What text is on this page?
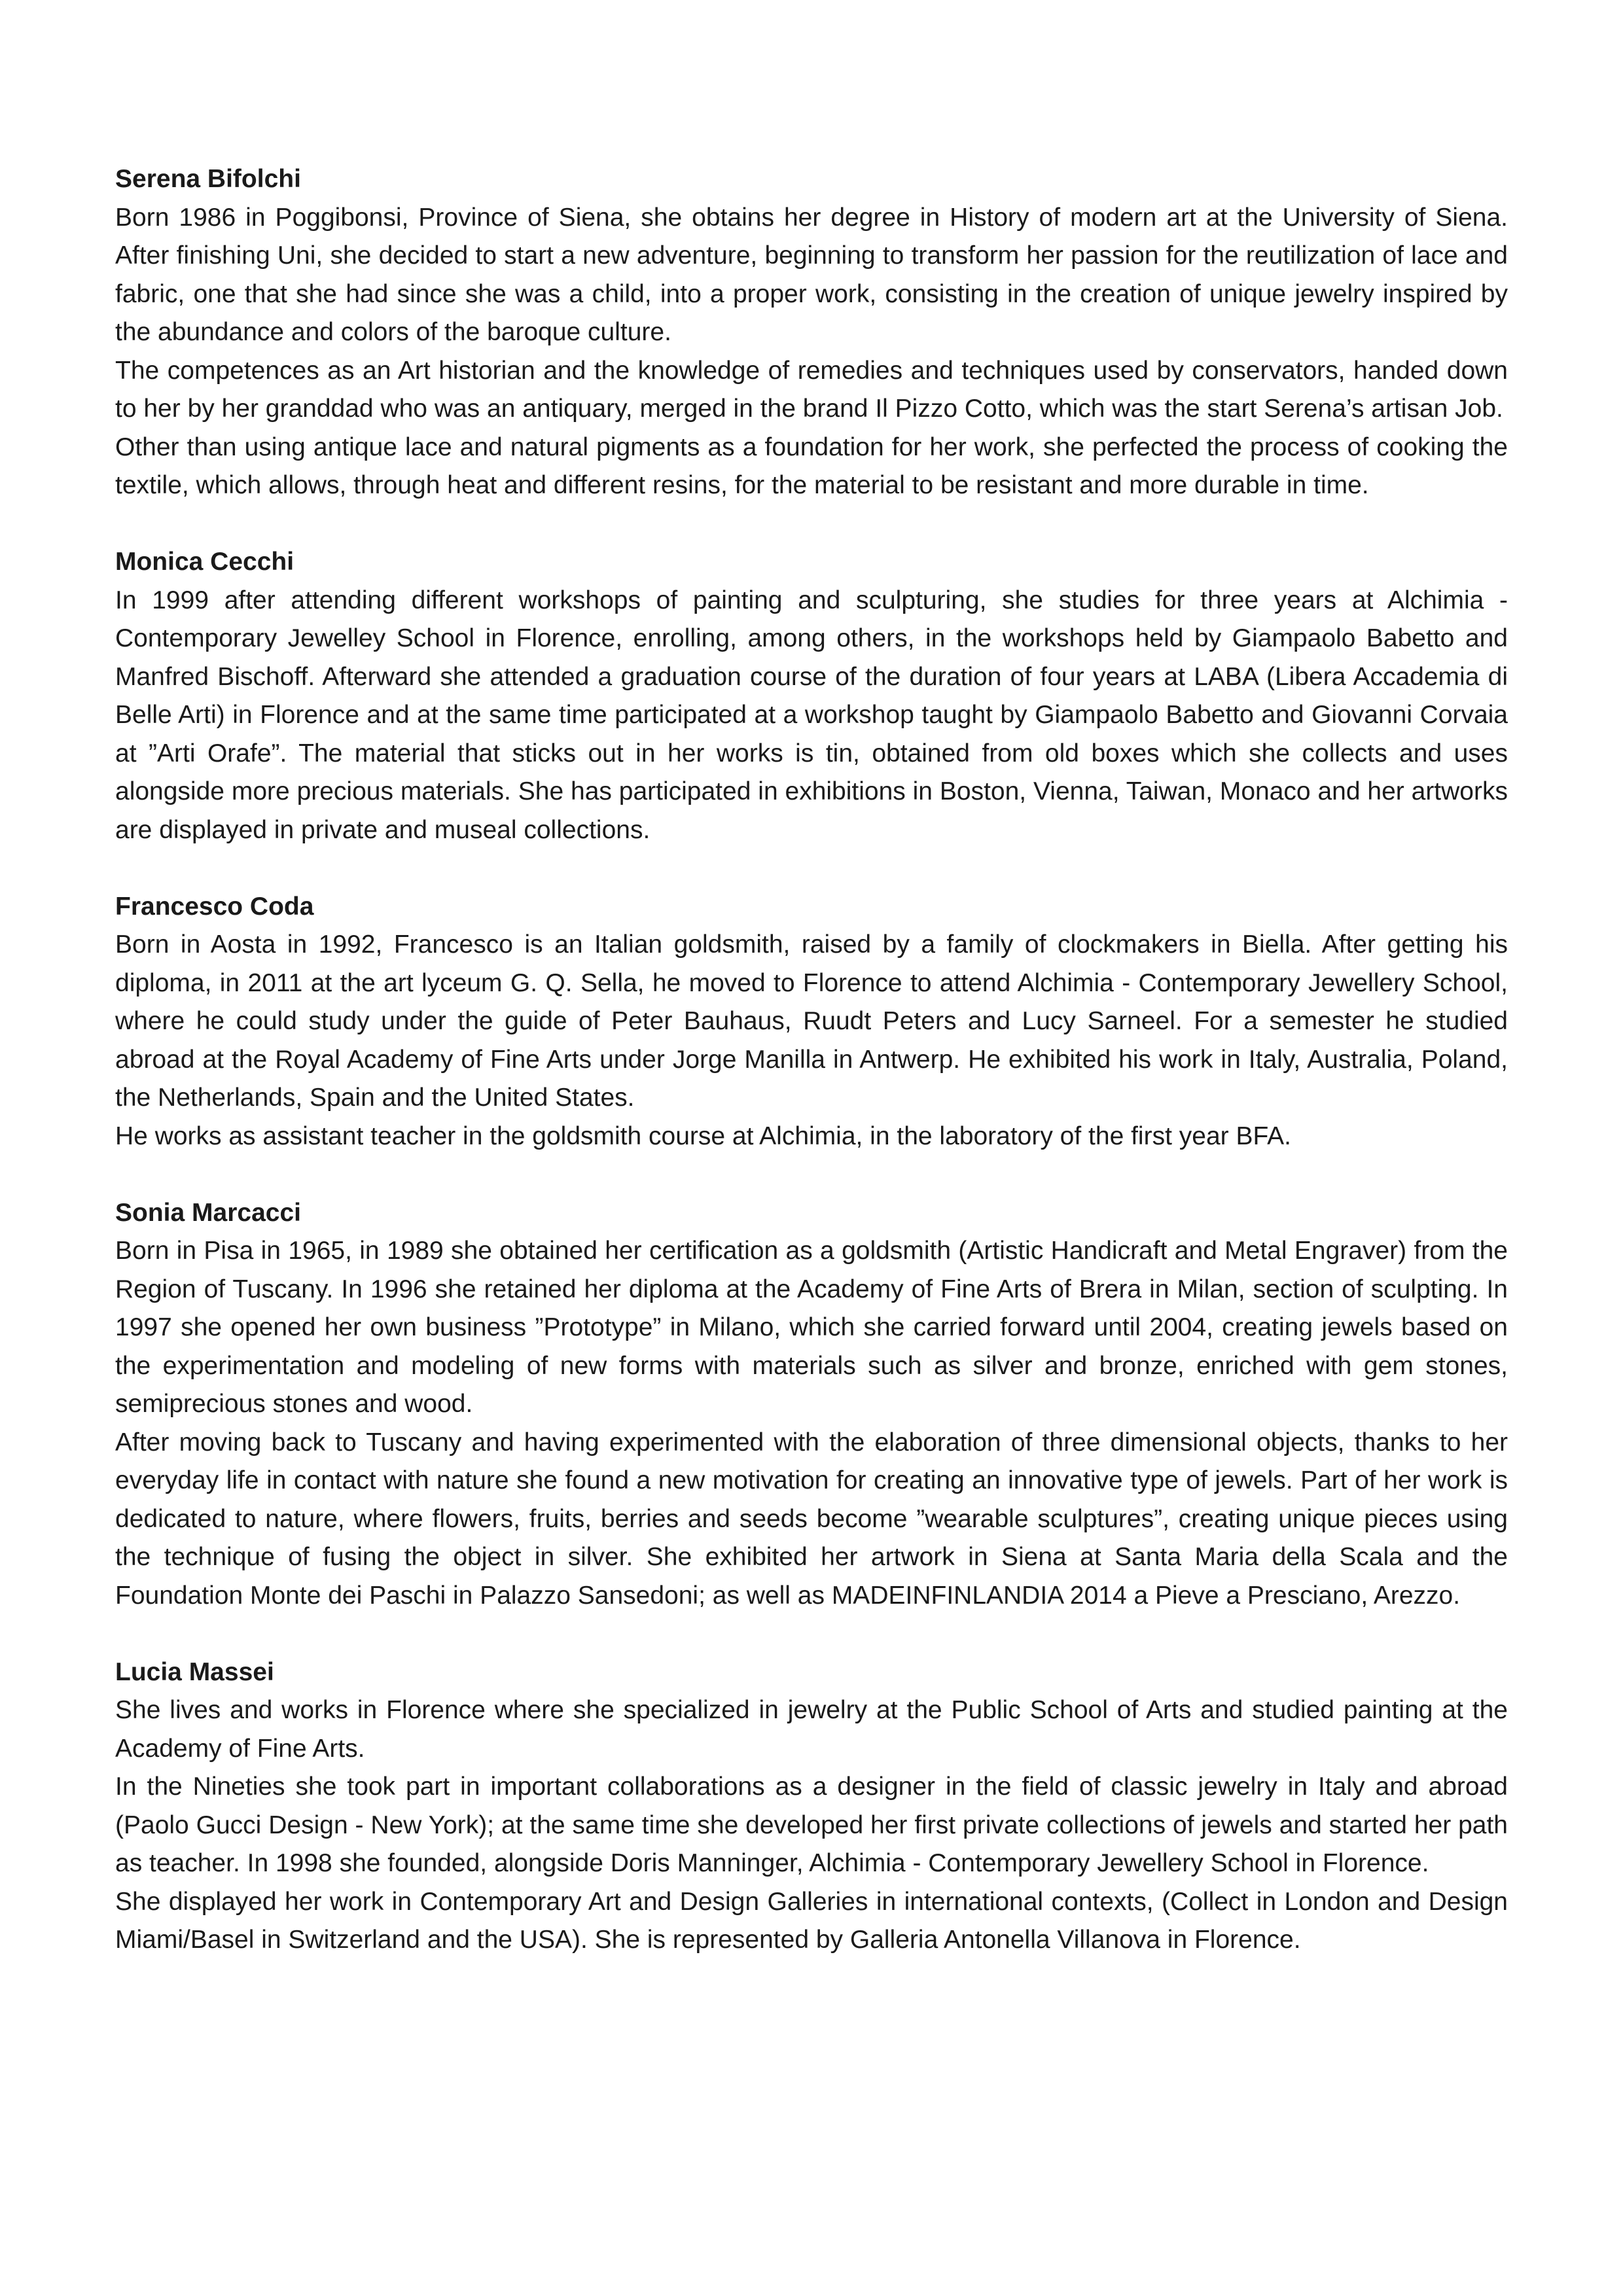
Serena Bifolchi

Born 1986 in Poggibonsi, Province of Siena, she obtains her degree in History of modern art at the University of Siena. After finishing Uni, she decided to start a new adventure, beginning to transform her passion for the reutilization of lace and fabric, one that she had since she was a child, into a proper work, consisting in the creation of unique jewelry inspired by the abundance and colors of the baroque culture.

The competences as an Art historian and the knowledge of remedies and techniques used by conservators, handed down to her by her granddad who was an antiquary, merged in the brand Il Pizzo Cotto, which was the start Serena’s artisan Job.

Other than using antique lace and natural pigments as a foundation for her work, she perfected the process of cooking the textile, which allows, through heat and different resins, for the material to be resistant and more durable in time.

Monica Cecchi

In 1999 after attending different workshops of painting and sculpturing, she studies for three years at Alchimia - Contemporary Jewelley School in Florence, enrolling, among others, in the workshops held by Giampaolo Babetto and Manfred Bischoff. Afterward she attended a graduation course of the duration of four years at LABA (Libera Accademia di Belle Arti) in Florence and at the same time participated at a workshop taught by Giampaolo Babetto and Giovanni Corvaia at ”Arti Orafe”. The material that sticks out in her works is tin, obtained from old boxes which she collects and uses alongside more precious materials. She has participated in exhibitions in Boston, Vienna, Taiwan, Monaco and her artworks are displayed in private and museal collections.

Francesco Coda

Born in Aosta in 1992, Francesco is an Italian goldsmith, raised by a family of clockmakers in Biella. After getting his diploma, in 2011 at the art lyceum G. Q. Sella, he moved to Florence to attend Alchimia - Contemporary Jewellery School, where he could study under the guide of Peter Bauhaus, Ruudt Peters and Lucy Sarneel. For a semester he studied abroad at the Royal Academy of Fine Arts under Jorge Manilla in Antwerp. He exhibited his work in Italy, Australia, Poland, the Netherlands, Spain and the United States.

He works as assistant teacher in the goldsmith course at Alchimia, in the laboratory of the first year BFA.

Sonia Marcacci

Born in Pisa in 1965, in 1989 she obtained her certification as a goldsmith (Artistic Handicraft and Metal Engraver) from the Region of Tuscany. In 1996 she retained her diploma at the Academy of Fine Arts of Brera in Milan, section of sculpting. In 1997 she opened her own business ”Prototype” in Milano, which she carried forward until 2004, creating jewels based on the experimentation and modeling of new forms with materials such as silver and bronze, enriched with gem stones, semiprecious stones and wood.

After moving back to Tuscany and having experimented with the elaboration of three dimensional objects, thanks to her everyday life in contact with nature she found a new motivation for creating an innovative type of jewels. Part of her work is dedicated to nature, where flowers, fruits, berries and seeds become ”wearable sculptures”, creating unique pieces using the technique of fusing the object in silver. She exhibited her artwork in Siena at Santa Maria della Scala and the Foundation Monte dei Paschi in Palazzo Sansedoni; as well as MADEINFINLANDIA 2014 a Pieve a Presciano, Arezzo.

Lucia Massei

She lives and works in Florence where she specialized in jewelry at the Public School of Arts and studied painting at the Academy of Fine Arts.

In the Nineties she took part in important collaborations as a designer in the field of classic jewelry in Italy and abroad (Paolo Gucci Design - New York); at the same time she developed her first private collections of jewels and started her path as teacher. In 1998 she founded, alongside Doris Manninger, Alchimia - Contemporary Jewellery School in Florence.

She displayed her work in Contemporary Art and Design Galleries in international contexts, (Collect in London and Design Miami/Basel in Switzerland and the USA). She is represented by Galleria Antonella Villanova in Florence.
